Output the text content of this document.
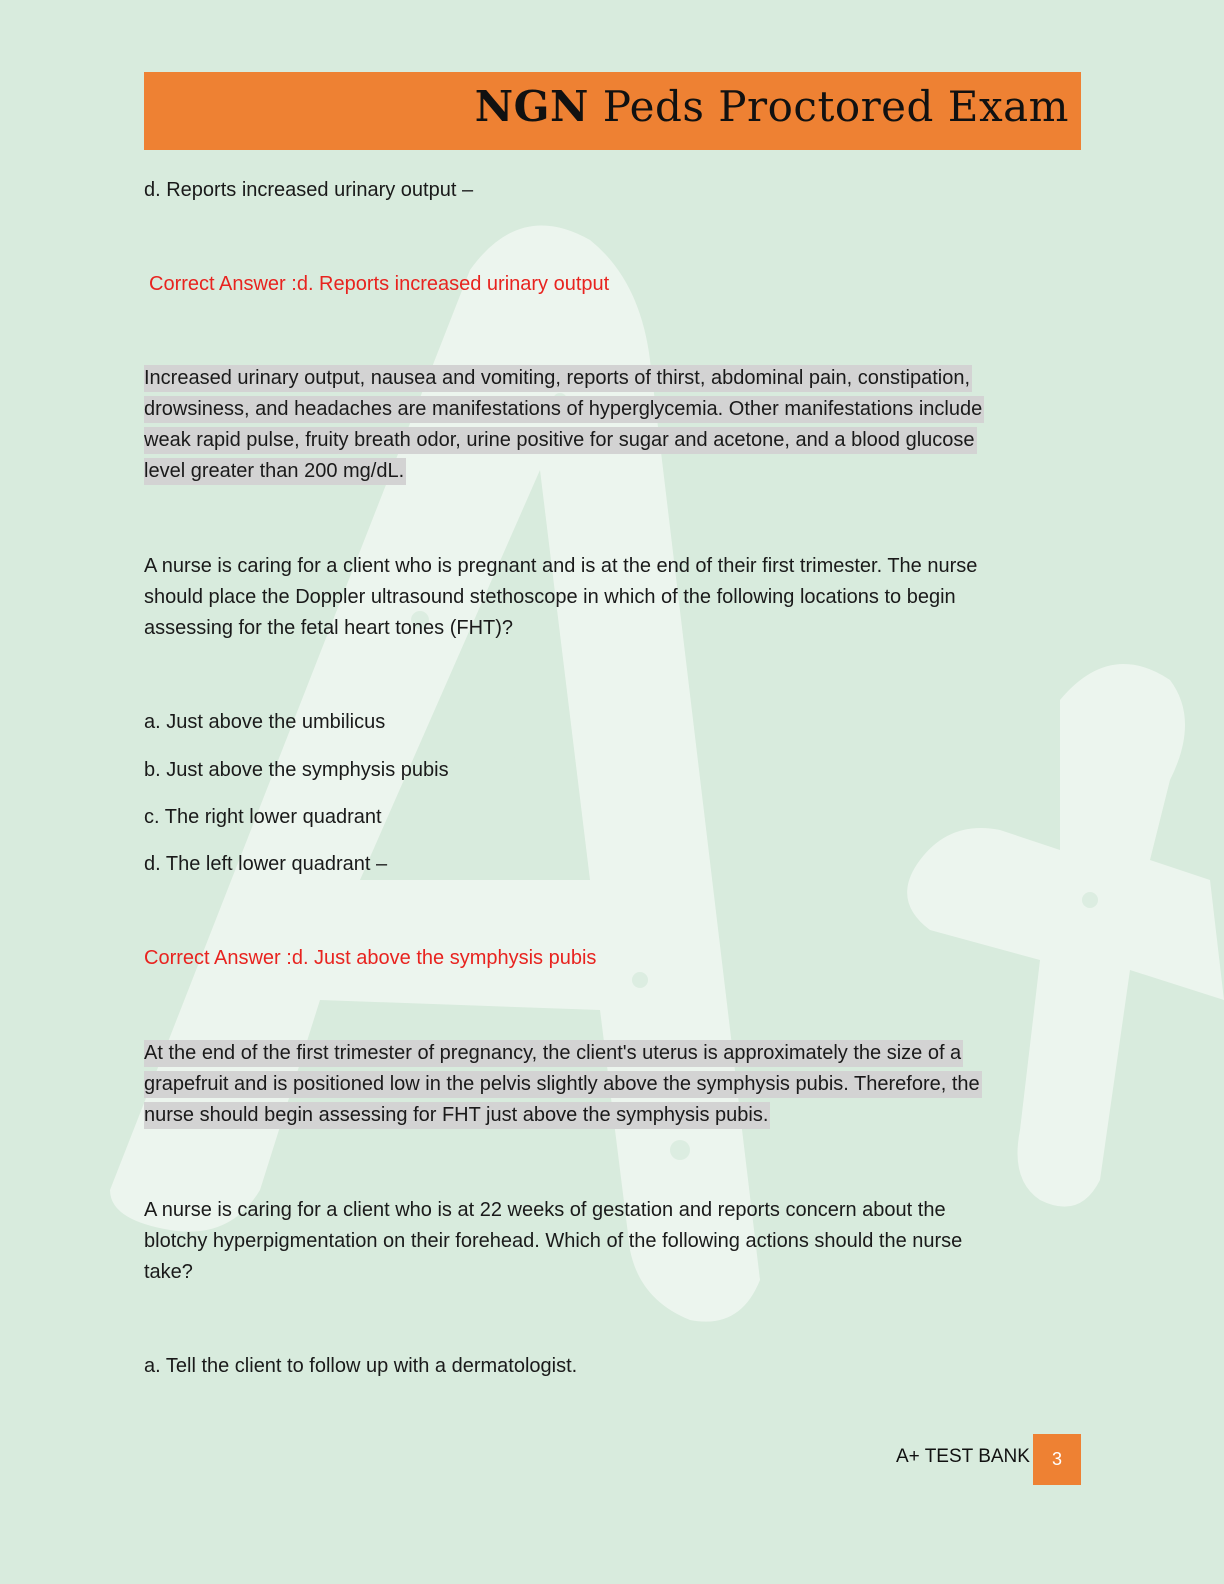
NGN Peds Proctored Exam
d. Reports increased urinary output –
Correct Answer :d. Reports increased urinary output
Increased urinary output, nausea and vomiting, reports of thirst, abdominal pain, constipation,
drowsiness, and headaches are manifestations of hyperglycemia. Other manifestations include
weak rapid pulse, fruity breath odor, urine positive for sugar and acetone, and a blood glucose
level greater than 200 mg/dL.
A nurse is caring for a client who is pregnant and is at the end of their first trimester. The nurse
should place the Doppler ultrasound stethoscope in which of the following locations to begin
assessing for the fetal heart tones (FHT)?
a. Just above the umbilicus
b. Just above the symphysis pubis
c. The right lower quadrant
d. The left lower quadrant –
Correct Answer :d. Just above the symphysis pubis
At the end of the first trimester of pregnancy, the client's uterus is approximately the size of a
grapefruit and is positioned low in the pelvis slightly above the symphysis pubis. Therefore, the
nurse should begin assessing for FHT just above the symphysis pubis.
A nurse is caring for a client who is at 22 weeks of gestation and reports concern about the
blotchy hyperpigmentation on their forehead. Which of the following actions should the nurse
take?
a. Tell the client to follow up with a dermatologist.
A+ TEST BANK	3
